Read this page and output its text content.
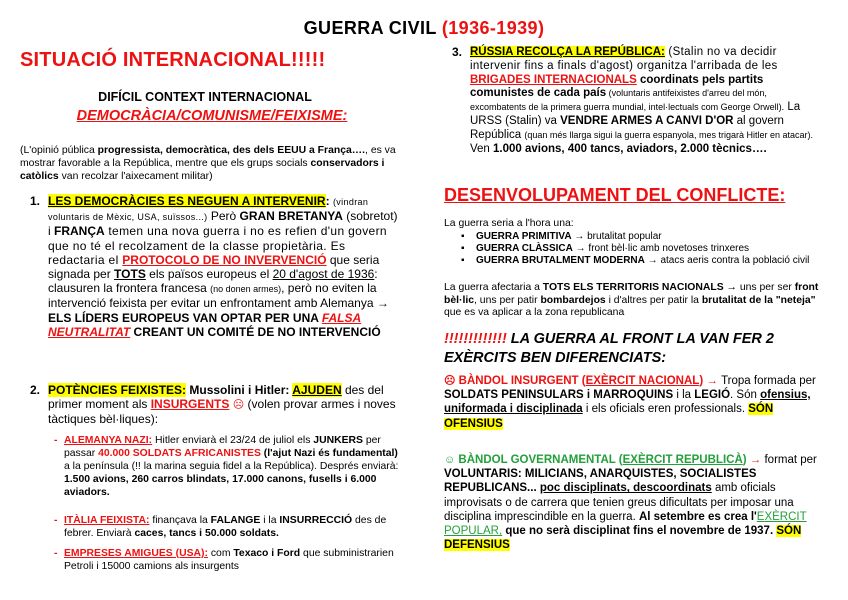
GUERRA CIVIL (1936-1939)
SITUACIÓ INTERNACIONAL!!!!!
DIFÍCIL CONTEXT INTERNACIONAL
DEMOCRÀCIA/COMUNISME/FEIXISME:
(L'opinió pública progressista, democràtica, des dels EEUU a França…., es va mostrar favorable a la República, mentre que els grups socials conservadors i catòlics van recolzar l'aixecament militar)
1. LES DEMOCRÀCIES ES NEGUEN A INTERVENIR: (vindran voluntaris de Mèxic, USA, suïssos...) Però GRAN BRETANYA (sobretot) i FRANÇA temen una nova guerra i no es refien d'un govern que no té el recolzament de la classe propietària. Es redactaria el PROTOCOLO DE NO INVERVENCIÓ que seria signada per TOTS els països europeus el 20 d'agost de 1936: clausuren la frontera francesa (no donen armes), però no eviten la intervenció feixista per evitar un enfrontament amb Alemanya → ELS LÍDERS EUROPEUS VAN OPTAR PER UNA FALSA NEUTRALITAT CREANT UN COMITÉ DE NO INTERVENCIÓ
2. POTÈNCIES FEIXISTES: Mussolini i Hitler: AJUDEN des del primer moment als INSURGENTS ☹ (volen provar armes i noves tàctiques bèl·liques):
- ALEMANYA NAZI: Hitler enviarà el 23/24 de juliol els JUNKERS per passar 40.000 SOLDATS AFRICANISTES (l'ajut Nazi és fundamental) a la península (!! la marina seguia fidel a la República). Després enviarà: 1.500 avions, 260 carros blindats, 17.000 canons, fusells i 6.000 aviadors.
- ITÀLIA FEIXISTA: finançava la FALANGE i la INSURRECCIÓ des de febrer. Enviarà caces, tancs i 50.000 soldats.
- EMPRESES AMIGUES (USA): com Texaco i Ford que subministrarien Petroli i 15000 camions als insurgents
3. RÚSSIA RECOLÇA LA REPÚBLICA: (Stalin no va decidir intervenir fins a finals d'agost) organitza l'arribada de les BRIGADES INTERNACIONALS coordinats pels partits comunistes de cada país (voluntaris antifeixistes d'arreu del món, excombatents de la primera guerra mundial, intel·lectuals com George Orwell). La URSS (Stalin) va VENDRE ARMES A CANVI D'OR al govern República (quan més llarga sigui la guerra espanyola, mes trigarà Hitler en atacar). Ven 1.000 avions, 400 tancs, aviadors, 2.000 tècnics….
DESENVOLUPAMENT DEL CONFLICTE:
La guerra seria a l'hora una:
▪ GUERRA PRIMITIVA → brutalitat popular
▪ GUERRA CLÀSSICA → front bèl·lic amb novetoses trinxeres
▪ GUERRA BRUTALMENT MODERNA → atacs aeris contra la població civil
La guerra afectaria a TOTS ELS TERRITORIS NACIONALS → uns per ser front bèl·lic, uns per patir bombardejos i d'altres per patir la brutalitat de la "neteja" que es va aplicar a la zona republicana
!!!!!!!!!!!!! LA GUERRA AL FRONT LA VAN FER 2 EXÈRCITS BEN DIFERENCIATS:
☹ BÀNDOL INSURGENT (EXÈRCIT NACIONAL) → Tropa formada per SOLDATS PENINSULARS i MARROQUINS i la LEGIÓ. Són ofensius, uniformada i disciplinada i els oficials eren professionals. SÓN OFENSIUS
☺ BÀNDOL GOVERNAMENTAL (EXÈRCIT REPUBLICÀ) → format per VOLUNTARIS: MILICIANS, ANARQUISTES, SOCIALISTES REPUBLICANS... poc disciplinats, descoordinats amb oficials improvisats o de carrera que tenien greus dificultats per imposar una disciplina imprescindible en la guerra. Al setembre es crea l'EXÈRCIT POPULAR, que no serà disciplinat fins el novembre de 1937. SÓN DEFENSIUS
